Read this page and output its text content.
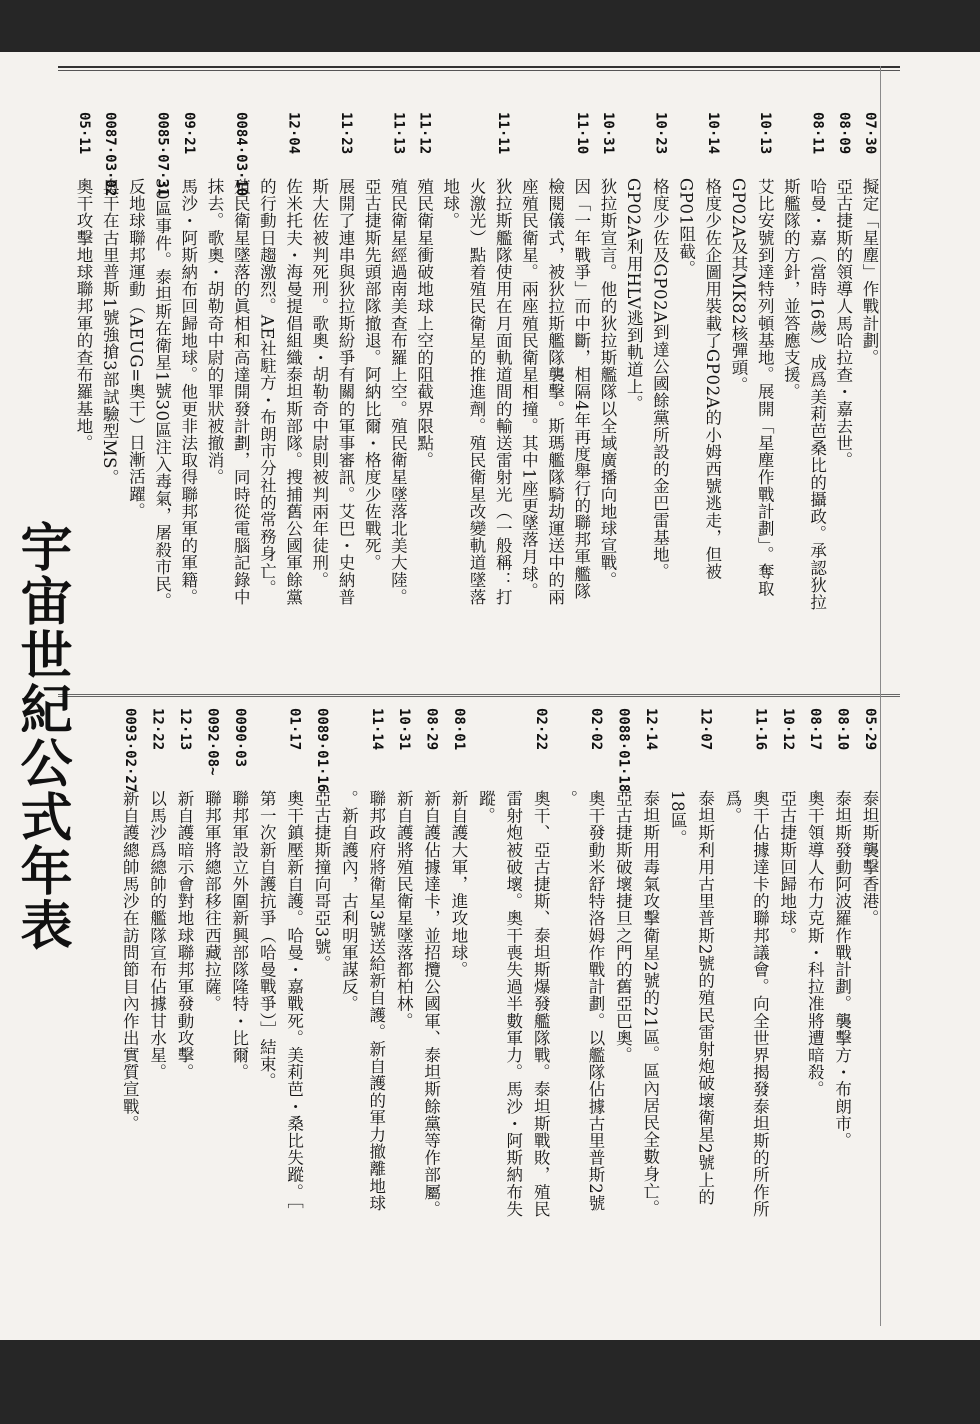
宇宙世紀公式年表
07·30
擬定「星塵」作戰計劃。
08·09
亞古捷斯的領導人馬哈拉查・嘉去世。
08·11
哈曼・嘉（當時16歲）成爲美莉芭桑比的攝政。承認狄拉
斯艦隊的方針，並答應支援。
10·13
艾比安號到達特列頓基地。展開「星塵作戰計劃」。奪取
GP02A及其MK82核彈頭。
10·14
格度少佐企圖用裝載了GP02A的小姆西號逃走，但被
GP01阻截。
10·23
格度少佐及GP02A到達公國餘黨所設的金巴雷基地。
GP02A利用HLV逃到軌道上。
10·31
狄拉斯宣言。他的狄拉斯艦隊以全域廣播向地球宣戰。
11·10
因「一年戰爭」而中斷，相隔4年再度舉行的聯邦軍艦隊
檢閱儀式，被狄拉斯艦隊襲擊。斯瑪艦隊騎劫運送中的兩
座殖民衛星。兩座殖民衛星相撞。其中1座更墜落月球。
11·11
狄拉斯艦隊使用在月面軌道間的輸送雷射光（一般稱：打
火激光）點着殖民衛星的推進劑。殖民衛星改變軌道墜落
地球。
11·12
殖民衛星衝破地球上空的阻截界限點。
11·13
殖民衛星經過南美查布羅上空。殖民衛星墜落北美大陸。
亞古捷斯先頭部隊撤退。阿納比爾・格度少佐戰死。
11·23
展開了連串與狄拉斯紛爭有關的軍事審訊。艾巴・史納普
斯大佐被判死刑。歌奧・胡勒奇中尉則被判兩年徒刑。
12·04
佐米托夫・海曼提倡組織泰坦斯部隊。搜捕舊公國軍餘黨
的行動日趨激烈。AE社駐方・布朗市分社的常務身亡。
0084·03·10
殖民衛星墜落的眞相和高達開發計劃，同時從電腦記錄中
抹去。歌奧・胡勒奇中尉的罪狀被撤消。
09·21
馬沙・阿斯納布回歸地球。他更非法取得聯邦軍的軍籍。
0085·07·31
30區事件。泰坦斯在衛星1號30區注入毒氣，屠殺市民。
反地球聯邦運動（AEUG=奧干）日漸活躍。
0087·03·02
奧干在古里普斯1號強搶3部試驗型MS。
05·11
奧干攻擊地球聯邦軍的查布羅基地。
05·29
泰坦斯襲擊香港。
08·10
泰坦斯發動阿波羅作戰計劃。襲擊方・布朗市。
08·17
奧干領導人布力克斯・科拉准將遭暗殺。
10·12
亞古捷斯回歸地球。
11·16
奧干佔據達卡的聯邦議會。向全世界揭發泰坦斯的所作所
爲。
12·07
泰坦斯利用古里普斯2號的殖民雷射炮破壞衛星2號上的
18區。
12·14
泰坦斯用毒氣攻擊衛星2號的21區。區內居民全數身亡。
0088·01·18
亞古捷斯破壞捷旦之門的舊亞巴奧。
02·02
奧干發動米舒特洛姆作戰計劃。以艦隊佔據古里普斯2號
。
02·22
奧干、亞古捷斯、泰坦斯爆發艦隊戰。泰坦斯戰敗，殖民
雷射炮被破壞。奧干喪失過半數軍力。馬沙・阿斯納布失
蹤。
08·01
新自護大軍，進攻地球。
08·29
新自護佔據達卡，並招攬公國軍、泰坦斯餘黨等作部屬。
10·31
新自護將殖民衛星墜落都柏林。
11·14
聯邦政府將衛星3號送給新自護。新自護的軍力撤離地球
。新自護內，古利明軍謀反。
0089·01·16
亞古捷斯撞向哥亞3號。
01·17
奧干鎮壓新自護。哈曼・嘉戰死。美莉芭・桑比失蹤。［
第一次新自護抗爭（哈曼戰爭）］結束。
0090·03
聯邦軍設立外圍新興部隊隆特・比爾。
0092·08~
聯邦軍將總部移往西藏拉薩。
12·13
新自護暗示會對地球聯邦軍發動攻擊。
12·22
以馬沙爲總帥的艦隊宣布佔據甘水星。
0093·02·27
新自護總帥馬沙在訪問節目內作出實質宣戰。
